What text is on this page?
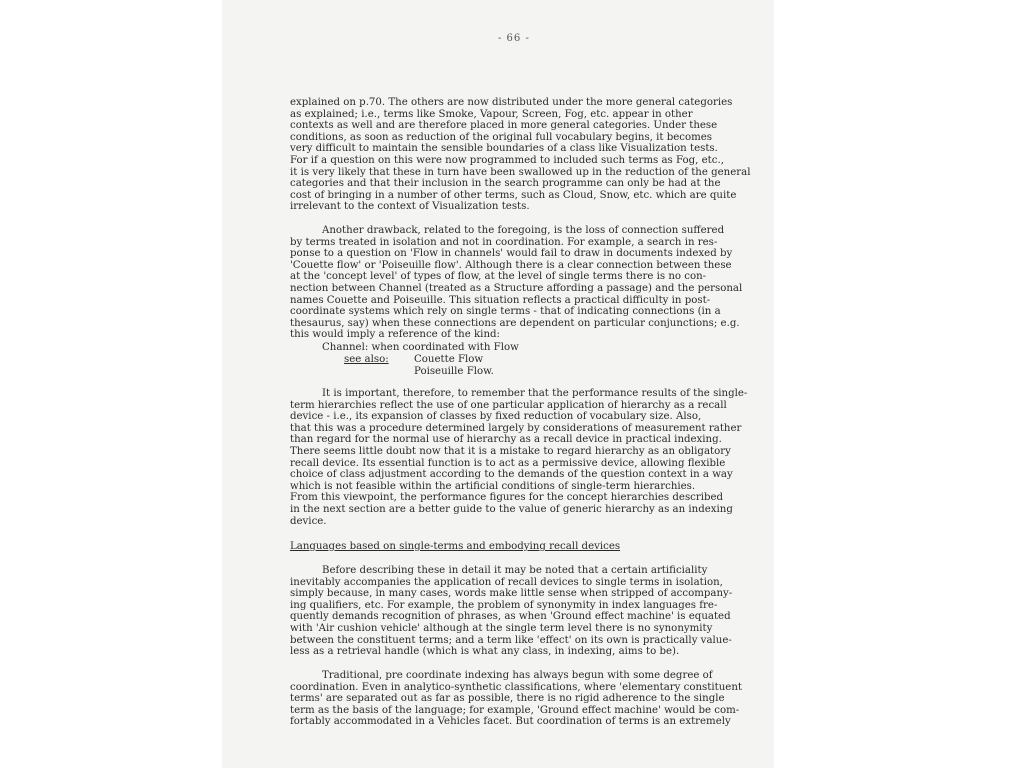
- 66 -
explained on p.70. The others are now distributed under the more general categories
as explained; i.e., terms like Smoke, Vapour, Screen, Fog, etc. appear in other
contexts as well and are therefore placed in more general categories. Under these
conditions, as soon as reduction of the original full vocabulary begins, it becomes
very difficult to maintain the sensible boundaries of a class like Visualization tests.
For if a question on this were now programmed to included such terms as Fog, etc.,
it is very likely that these in turn have been swallowed up in the reduction of the general
categories and that their inclusion in the search programme can only be had at the
cost of bringing in a number of other terms, such as Cloud, Snow, etc. which are quite
irrelevant to the context of Visualization tests.
Another drawback, related to the foregoing, is the loss of connection suffered
by terms treated in isolation and not in coordination. For example, a search in res-
ponse to a question on 'Flow in channels' would fail to draw in documents indexed by
'Couette flow' or 'Poiseuille flow'. Although there is a clear connection between these
at the 'concept level' of types of flow, at the level of single terms there is no con-
nection between Channel (treated as a Structure affording a passage) and the personal
names Couette and Poiseuille. This situation reflects a practical difficulty in post-
coordinate systems which rely on single terms - that of indicating connections (in a
thesaurus, say) when these connections are dependent on particular conjunctions; e.g.
this would imply a reference of the kind:
Channel: when coordinated with Flow
see also: Couette Flow
Poiseuille Flow.
It is important, therefore, to remember that the performance results of the single-
term hierarchies reflect the use of one particular application of hierarchy as a recall
device - i.e., its expansion of classes by fixed reduction of vocabulary size. Also,
that this was a procedure determined largely by considerations of measurement rather
than regard for the normal use of hierarchy as a recall device in practical indexing.
There seems little doubt now that it is a mistake to regard hierarchy as an obligatory
recall device. Its essential function is to act as a permissive device, allowing flexible
choice of class adjustment according to the demands of the question context in a way
which is not feasible within the artificial conditions of single-term hierarchies.
From this viewpoint, the performance figures for the concept hierarchies described
in the next section are a better guide to the value of generic hierarchy as an indexing
device.
Languages based on single-terms and embodying recall devices
Before describing these in detail it may be noted that a certain artificiality
inevitably accompanies the application of recall devices to single terms in isolation,
simply because, in many cases, words make little sense when stripped of accompany-
ing qualifiers, etc. For example, the problem of synonymity in index languages fre-
quently demands recognition of phrases, as when 'Ground effect machine' is equated
with 'Air cushion vehicle' although at the single term level there is no synonymity
between the constituent terms; and a term like 'effect' on its own is practically value-
less as a retrieval handle (which is what any class, in indexing, aims to be).
Traditional, pre coordinate indexing has always begun with some degree of
coordination. Even in analytico-synthetic classifications, where 'elementary constituent
terms' are separated out as far as possible, there is no rigid adherence to the single
term as the basis of the language; for example, 'Ground effect machine' would be com-
fortably accommodated in a Vehicles facet. But coordination of terms is an extremely
